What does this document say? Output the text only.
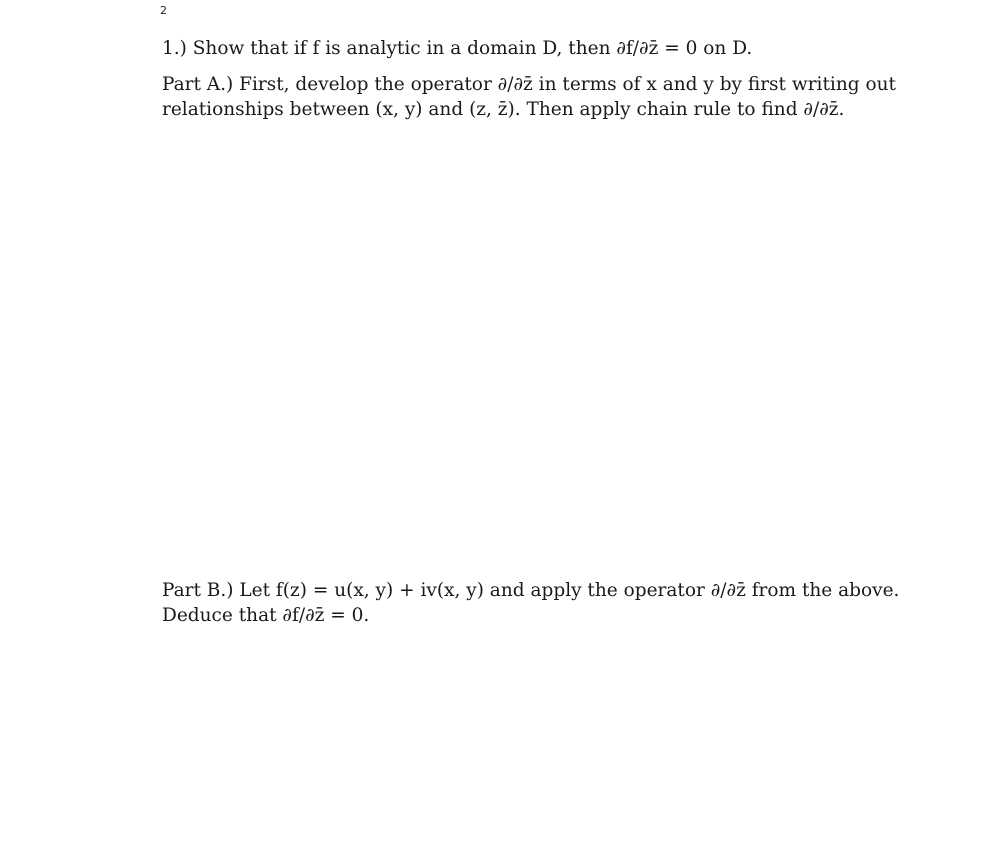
2

1.) Show that if f is analytic in a domain D, then ∂f/∂z̄ = 0 on D.

Part A.) First, develop the operator ∂/∂z̄ in terms of x and y by first writing out
relationships between (x, y) and (z, z̄). Then apply chain rule to find ∂/∂z̄.

Part B.) Let f(z) = u(x, y) + iv(x, y) and apply the operator ∂/∂z̄ from the above.
Deduce that ∂f/∂z̄ = 0.
